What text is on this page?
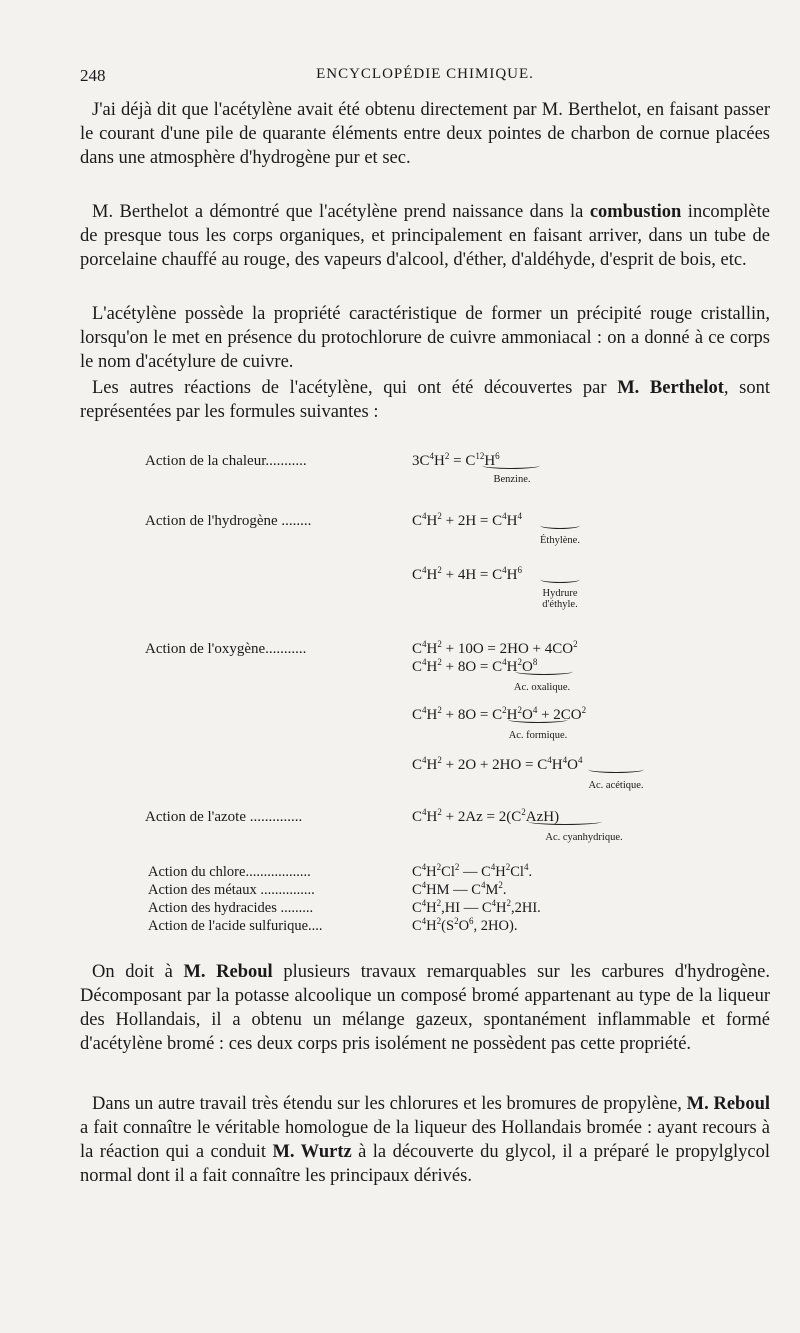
248	ENCYCLOPÉDIE CHIMIQUE.

J'ai déjà dit que l'acétylène avait été obtenu directement par M. Berthelot, en faisant passer le courant d'une pile de quarante éléments entre deux pointes de charbon de cornue placées dans une atmosphère d'hydrogène pur et sec.

M. Berthelot a démontré que l'acétylène prend naissance dans la combustion incomplète de presque tous les corps organiques, et principalement en faisant arriver, dans un tube de porcelaine chauffé au rouge, des vapeurs d'alcool, d'éther, d'aldéhyde, d'esprit de bois, etc.

L'acétylène possède la propriété caractéristique de former un précipité rouge cristallin, lorsqu'on le met en présence du protochlorure de cuivre ammoniacal : on a donné à ce corps le nom d'acétylure de cuivre.

Les autres réactions de l'acétylène, qui ont été découvertes par M. Berthelot, sont représentées par les formules suivantes :

Action de la chaleur...........	$3C^4H^2 = C^{12}H^6$
Benzine.
Action de l'hydrogène ........	$C^4H^2 + 2H = C^4H^4$
Éthylène.
$C^4H^2 + 4H = C^4H^6$
Hydrure
d'éthyle.
Action de l'oxygène...........	$C^4H^2 + 10O = 2HO + 4CO^2$
$C^4H^2 + 8O = C^4H^2O^8$
Ac. oxalique.
$C^4H^2 + 8O = C^2H^2O^4 + 2CO^2$
Ac. formique.
$C^4H^2 + 2O + 2HO = C^4H^4O^4$
Ac. acétique.
Action de l'azote ..............	$C^4H^2 + 2Az = 2(C^2AzH)$
Ac. cyanhydrique.
Action du chlore..................	$C^4H^2Cl^2$ — $C^4H^2Cl^4$.
Action des métaux ...............	$C^4HM$ — $C^4M^2$.
Action des hydracides .........	$C^4H^2,HI$ — $C^4H^2,2HI$.
Action de l'acide sulfurique....	$C^4H^2(S^2O^6$, 2HO).

On doit à M. Reboul plusieurs travaux remarquables sur les carbures d'hydrogène. Décomposant par la potasse alcoolique un composé bromé appartenant au type de la liqueur des Hollandais, il a obtenu un mélange gazeux, spontanément inflammable et formé d'acétylène bromé : ces deux corps pris isolément ne possèdent pas cette propriété.

Dans un autre travail très étendu sur les chlorures et les bromures de propylène, M. Reboul a fait connaître le véritable homologue de la liqueur des Hollandais bromée : ayant recours à la réaction qui a conduit M. Wurtz à la découverte du glycol, il a préparé le propylglycol normal dont il a fait connaître les principaux dérivés.
